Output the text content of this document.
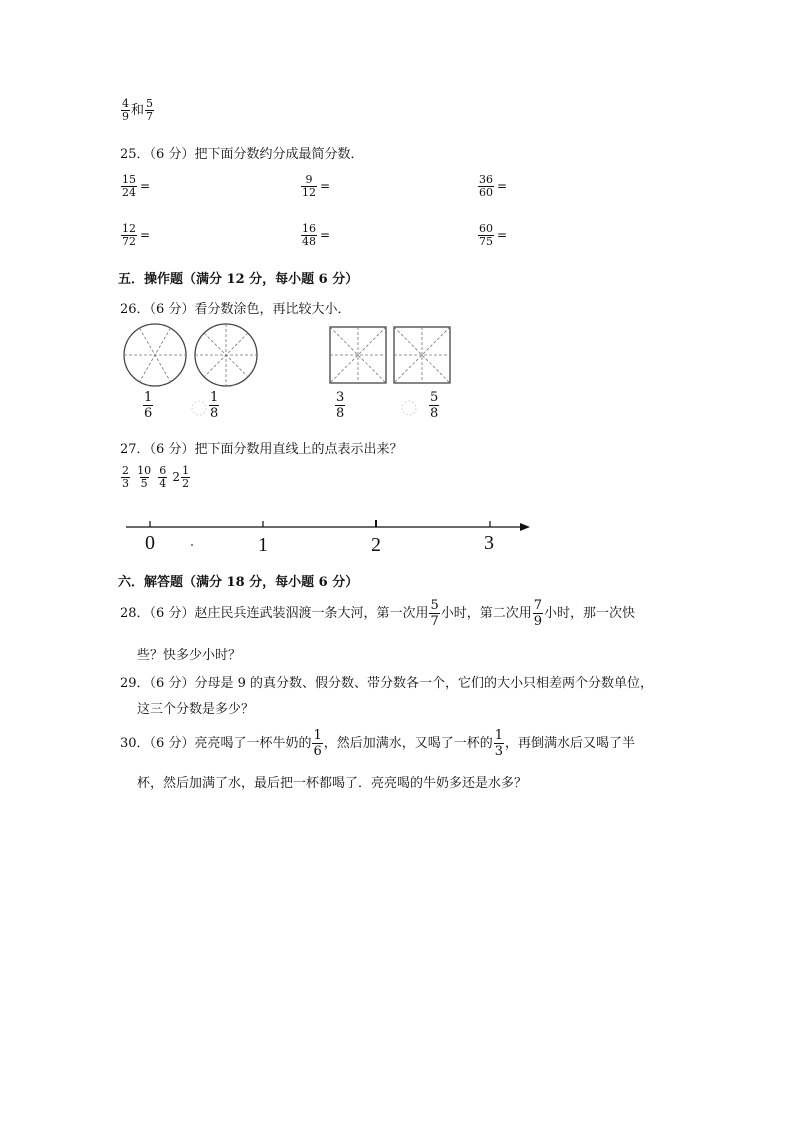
$\frac{4}{9}$ 和 $\frac{5}{7}$
25．（6 分）把下面分数约分成最简分数．
$\frac{15}{24}$ =	$\frac{9}{12}$ =	$\frac{36}{60}$ =
$\frac{12}{72}$ =	$\frac{16}{48}$ =	$\frac{60}{75}$ =
五．操作题（满分 12 分，每小题 6 分）
26．（6 分）看分数涂色，再比较大小．
$\frac{1}{6}$	$\frac{1}{8}$	$\frac{3}{8}$	$\frac{5}{8}$
27．（6 分）把下面分数用直线上的点表示出来？
$\frac{2}{3}$
$\frac{10}{5}$
$\frac{6}{4} 2 \frac{1}{2}$
0	1	2	3
六．解答题（满分 18 分，每小题 6 分）
28．（6 分）赵庄民兵连武装泅渡一条大河，第一次用 $\frac{5}{7}$ 小时，第二次用 $\frac{7}{9}$ 小时，那一次快
些？快多少小时？
29．（6 分）分母是 9 的真分数、假分数、带分数各一个，它们的大小只相差两个分数单位，
这三个分数是多少？
30．（6 分）亮亮喝了一杯牛奶的 $\frac{1}{6}$ ，然后加满水，又喝了一杯的 $\frac{1}{3}$ ，再倒满水后又喝了半
杯，然后加满了水，最后把一杯都喝了．亮亮喝的牛奶多还是水多？
